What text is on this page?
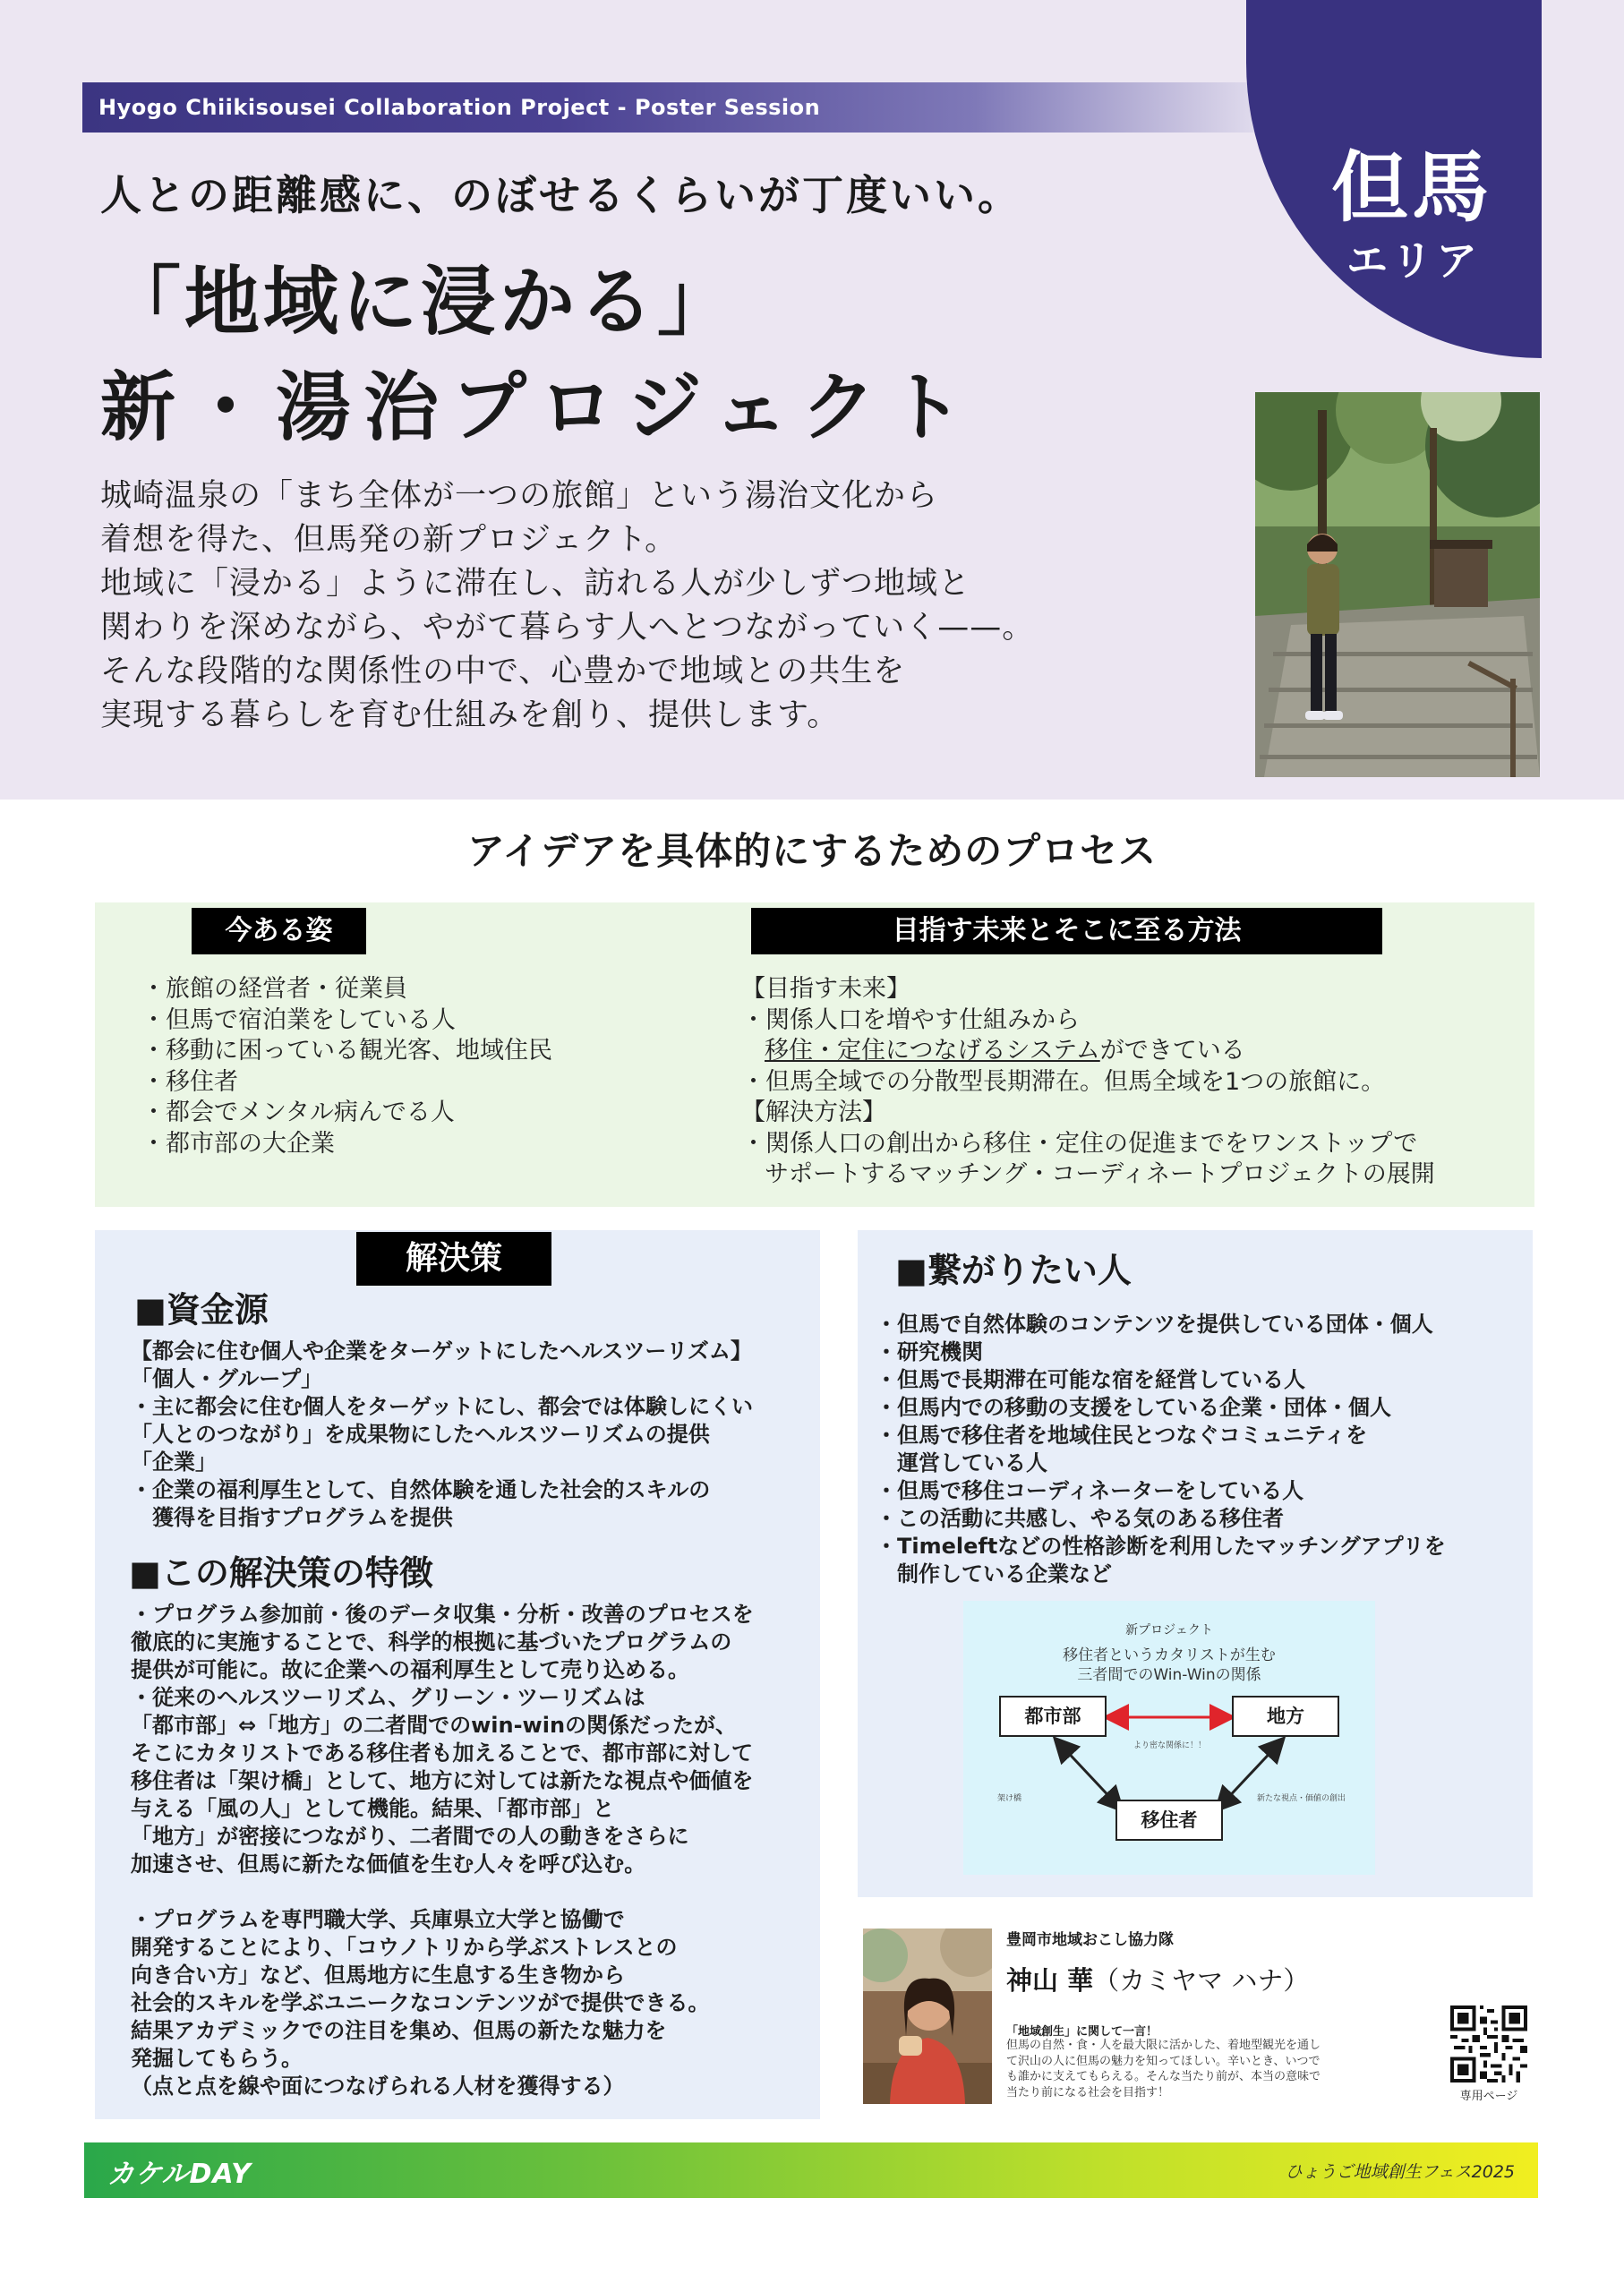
Hyogo Chiikisousei Collaboration Project - Poster Session
但馬
エリア
人との距離感に、のぼせるくらいが丁度いい。
「地域に浸かる」
新・湯治プロジェクト
城崎温泉の「まち全体が一つの旅館」という湯治文化から
着想を得た、但馬発の新プロジェクト。
地域に「浸かる」ように滞在し、訪れる人が少しずつ地域と
関わりを深めながら、やがて暮らす人へとつながっていく——。
そんな段階的な関係性の中で、心豊かで地域との共生を
実現する暮らしを育む仕組みを創り、提供します。
アイデアを具体的にするためのプロセス
今ある姿	目指す未来とそこに至る方法
・旅館の経営者・従業員
・但馬で宿泊業をしている人
・移動に困っている観光客、地域住民
・移住者
・都会でメンタル病んでる人
・都市部の大企業
【目指す未来】
・関係人口を増やす仕組みから
移住・定住につなげるシステムができている
・但馬全域での分散型長期滞在。但馬全域を1つの旅館に。
【解決方法】
・関係人口の創出から移住・定住の促進までをワンストップで
サポートするマッチング・コーディネートプロジェクトの展開
解決策
■資金源
【都会に住む個人や企業をターゲットにしたヘルスツーリズム】
「個人・グループ」
・主に都会に住む個人をターゲットにし、都会では体験しにくい
「人とのつながり」を成果物にしたヘルスツーリズムの提供
「企業」
・企業の福利厚生として、自然体験を通した社会的スキルの
　獲得を目指すプログラムを提供
■この解決策の特徴
・プログラム参加前・後のデータ収集・分析・改善のプロセスを
徹底的に実施することで、科学的根拠に基づいたプログラムの
提供が可能に。故に企業への福利厚生として売り込める。
・従来のヘルスツーリズム、グリーン・ツーリズムは
「都市部」⇔「地方」の二者間でのwin-winの関係だったが、
そこにカタリストである移住者も加えることで、都市部に対して
移住者は「架け橋」として、地方に対しては新たな視点や価値を
与える「風の人」として機能。結果、「都市部」と
「地方」が密接につながり、二者間での人の動きをさらに
加速させ、但馬に新たな価値を生む人々を呼び込む。
・プログラムを専門職大学、兵庫県立大学と協働で
開発することにより、「コウノトリから学ぶストレスとの
向き合い方」など、但馬地方に生息する生き物から
社会的スキルを学ぶユニークなコンテンツがで提供できる。
結果アカデミックでの注目を集め、但馬の新たな魅力を
発掘してもらう。
（点と点を線や面につなげられる人材を獲得する）
■繋がりたい人
・但馬で自然体験のコンテンツを提供している団体・個人
・研究機関
・但馬で長期滞在可能な宿を経営している人
・但馬内での移動の支援をしている企業・団体・個人
・但馬で移住者を地域住民とつなぐコミュニティを
　運営している人
・但馬で移住コーディネーターをしている人
・この活動に共感し、やる気のある移住者
・Timeleftなどの性格診断を利用したマッチングアプリを
　制作している企業など
新プロジェクト
移住者というカタリストが生む
三者間でのWin-Winの関係
都市部	地方
移住者
より密な関係に！！
架け橋	新たな視点・価値の創出
豊岡市地域おこし協力隊
神山 華（カミヤマ ハナ）
「地域創生」に関して一言！
但馬の自然・食・人を最大限に活かした、着地型観光を通し
て沢山の人に但馬の魅力を知ってほしい。辛いとき、いつで
も誰かに支えてもらえる。そんな当たり前が、本当の意味で
当たり前になる社会を目指す！	専用ページ
カケルDAY	ひょうご地域創生フェス2025
